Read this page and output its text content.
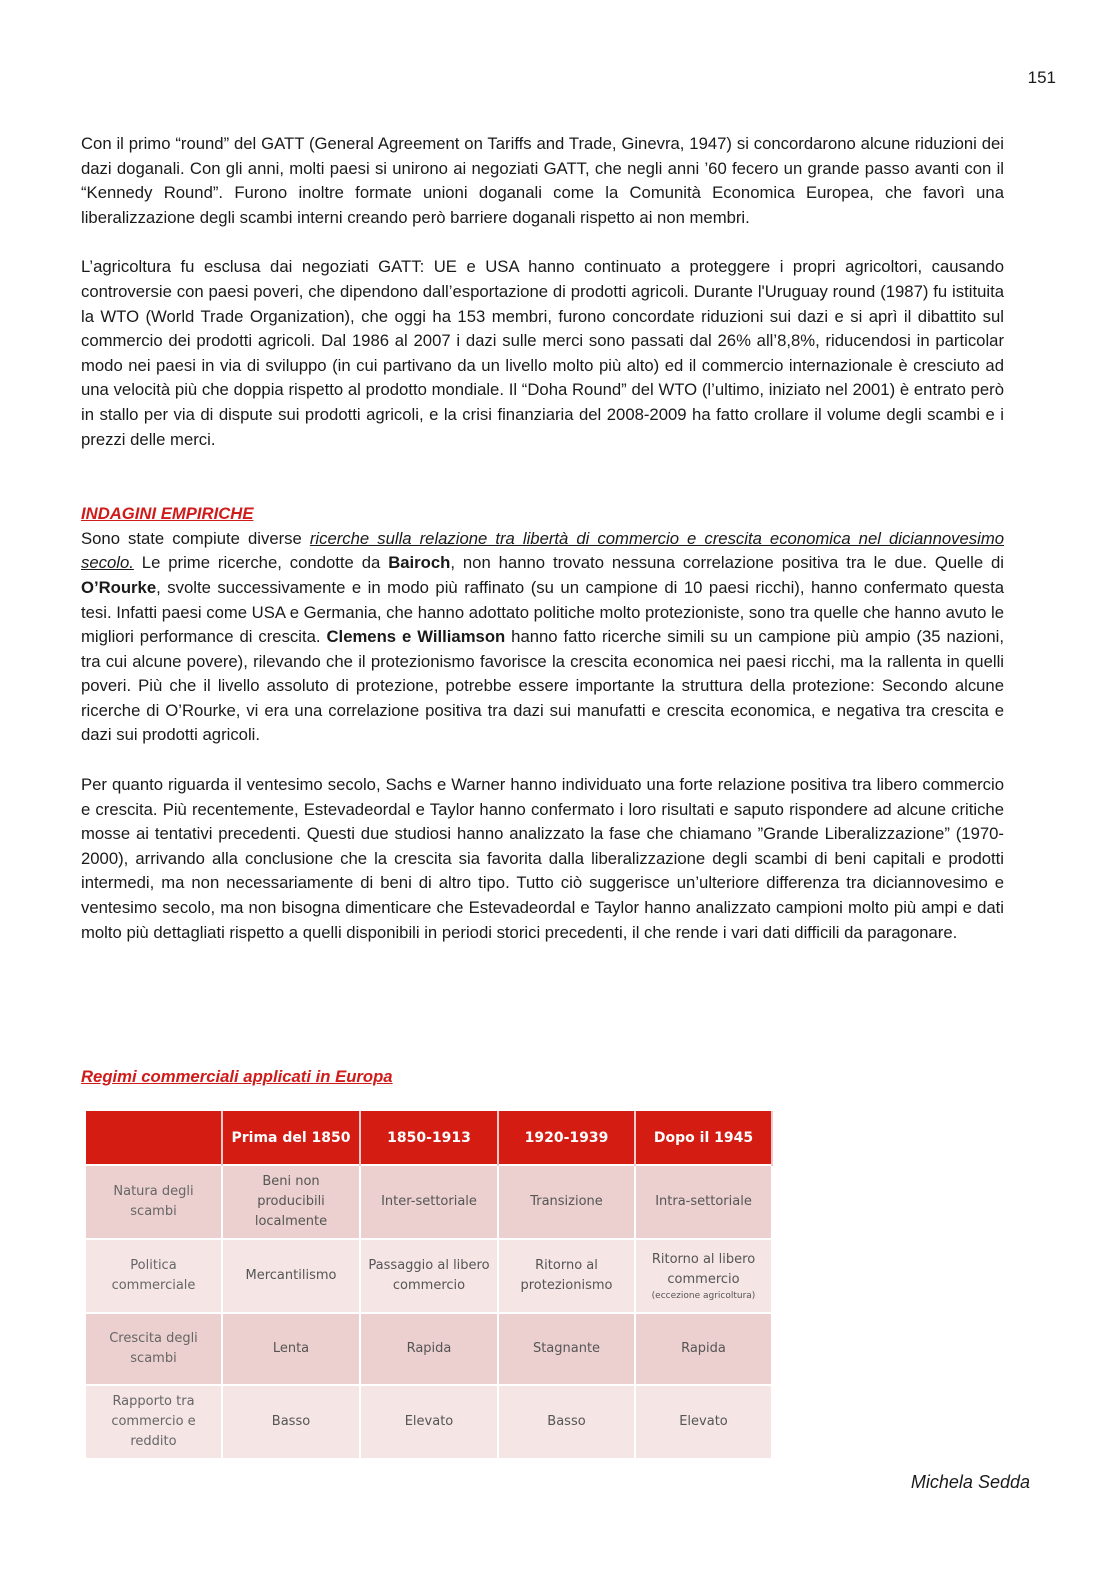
151

Con il primo “round” del GATT (General Agreement on Tariffs and Trade, Ginevra, 1947) si concordarono alcune riduzioni dei dazi doganali. Con gli anni, molti paesi si unirono ai negoziati GATT, che negli anni ’60 fecero un grande passo avanti con il “Kennedy Round”. Furono inoltre formate unioni doganali come la Comunità Economica Europea, che favorì una liberalizzazione degli scambi interni creando però barriere doganali rispetto ai non membri.

L’agricoltura fu esclusa dai negoziati GATT: UE e USA hanno continuato a proteggere i propri agricoltori, causando controversie con paesi poveri, che dipendono dall’esportazione di prodotti agricoli. Durante l'Uruguay round (1987) fu istituita la WTO (World Trade Organization), che oggi ha 153 membri, furono concordate riduzioni sui dazi e si aprì il dibattito sul commercio dei prodotti agricoli. Dal 1986 al 2007 i dazi sulle merci sono passati dal 26% all’8,8%, riducendosi in particolar modo nei paesi in via di sviluppo (in cui partivano da un livello molto più alto) ed il commercio internazionale è cresciuto ad una velocità più che doppia rispetto al prodotto mondiale. Il “Doha Round” del WTO (l’ultimo, iniziato nel 2001) è entrato però in stallo per via di dispute sui prodotti agricoli, e la crisi finanziaria del 2008-2009 ha fatto crollare il volume degli scambi e i prezzi delle merci.

INDAGINI EMPIRICHE

Sono state compiute diverse ricerche sulla relazione tra libertà di commercio e crescita economica nel diciannovesimo secolo. Le prime ricerche, condotte da Bairoch, non hanno trovato nessuna correlazione positiva tra le due. Quelle di O’Rourke, svolte successivamente e in modo più raffinato (su un campione di 10 paesi ricchi), hanno confermato questa tesi. Infatti paesi come USA e Germania, che hanno adottato politiche molto protezioniste, sono tra quelle che hanno avuto le migliori performance di crescita. Clemens e Williamson hanno fatto ricerche simili su un campione più ampio (35 nazioni, tra cui alcune povere), rilevando che il protezionismo favorisce la crescita economica nei paesi ricchi, ma la rallenta in quelli poveri. Più che il livello assoluto di protezione, potrebbe essere importante la struttura della protezione: Secondo alcune ricerche di O’Rourke, vi era una correlazione positiva tra dazi sui manufatti e crescita economica, e negativa tra crescita e dazi sui prodotti agricoli.

Per quanto riguarda il ventesimo secolo, Sachs e Warner hanno individuato una forte relazione positiva tra libero commercio e crescita. Più recentemente, Estevadeordal e Taylor hanno confermato i loro risultati e saputo rispondere ad alcune critiche mosse ai tentativi precedenti. Questi due studiosi hanno analizzato la fase che chiamano ”Grande Liberalizzazione” (1970-2000), arrivando alla conclusione che la crescita sia favorita dalla liberalizzazione degli scambi di beni capitali e prodotti intermedi, ma non necessariamente di beni di altro tipo. Tutto ciò suggerisce un’ulteriore differenza tra diciannovesimo e ventesimo secolo, ma non bisogna dimenticare che Estevadeordal e Taylor hanno analizzato campioni molto più ampi e dati molto più dettagliati rispetto a quelli disponibili in periodi storici precedenti, il che rende i vari dati difficili da paragonare.

Regimi commerciali applicati in Europa

	Prima del 1850	1850-1913	1920-1939	Dopo il 1945
Natura degli scambi	Beni non producibili localmente	Inter-settoriale	Transizione	Intra-settoriale
Politica commerciale	Mercantilismo	Passaggio al libero commercio	Ritorno al protezionismo	Ritorno al libero commercio
(eccezione agricoltura)

Crescita degli scambi	Lenta	Rapida	Stagnante	Rapida
Rapporto tra commercio e reddito	Basso	Elevato	Basso	Elevato
Michela Sedda
